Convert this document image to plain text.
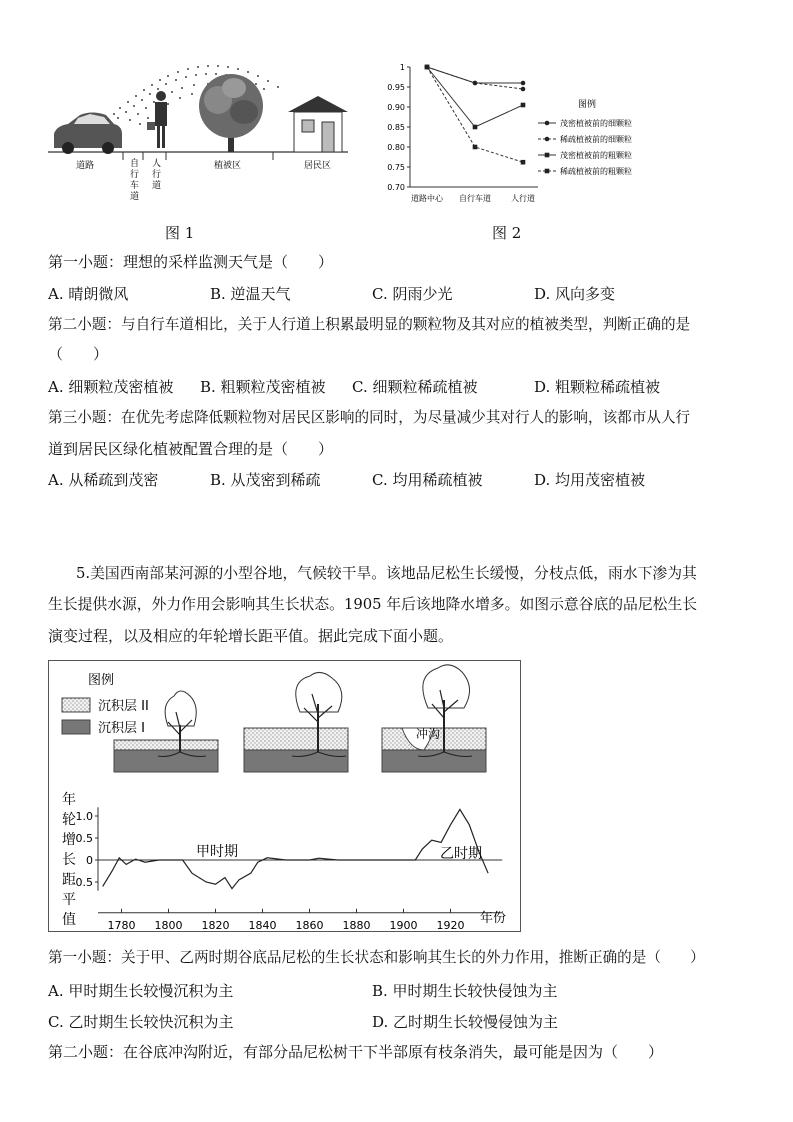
道路	自
行
车
道
人
行
道
植被区	居民区
图 1
0.70
0.75
0.80
0.85
0.90
0.95
1
道路中心 自行车道	人行道
茂密植被前的细颗粒
稀疏植被前的细颗粒
茂密植被前的粗颗粒
稀疏植被前的粗颗粒
图例
图 2
第一小题：理想的采样监测天气是（　　）
A. 晴朗微风	B. 逆温天气	C. 阴雨少光	D. 风向多变
第二小题：与自行车道相比，关于人行道上积累最明显的颗粒物及其对应的植被类型，判断正确的是
（　　）
A. 细颗粒茂密植被 B. 粗颗粒茂密植被 C. 细颗粒稀疏植被	D. 粗颗粒稀疏植被
第三小题：在优先考虑降低颗粒物对居民区影响的同时，为尽量减少其对行人的影响，该都市从人行
道到居民区绿化植被配置合理的是（　　）
A. 从稀疏到茂密	B. 从茂密到稀疏	C. 均用稀疏植被	D. 均用茂密植被
5.美国西南部某河源的小型谷地，气候较干旱。该地品尼松生长缓慢，分枝点低，雨水下渗为其
生长提供水源，外力作用会影响其生长状态。1905 年后该地降水增多。如图示意谷底的品尼松生长
演变过程，以及相应的年轮增长距平值。据此完成下面小题。
图例
沉积层 II
沉积层 I	冲沟
1.0
0.5
0
-0.5
1780 1800 1820 1840 1860 1880 1900 1920
年
轮
增
长
距
平
值
甲时期	乙时期
年份
第一小题：关于甲、乙两时期谷底品尼松的生长状态和影响其生长的外力作用，推断正确的是（　　）
A. 甲时期生长较慢沉积为主	B. 甲时期生长较快侵蚀为主
C. 乙时期生长较快沉积为主	D. 乙时期生长较慢侵蚀为主
第二小题：在谷底冲沟附近，有部分品尼松树干下半部原有枝条消失，最可能是因为（　　）
